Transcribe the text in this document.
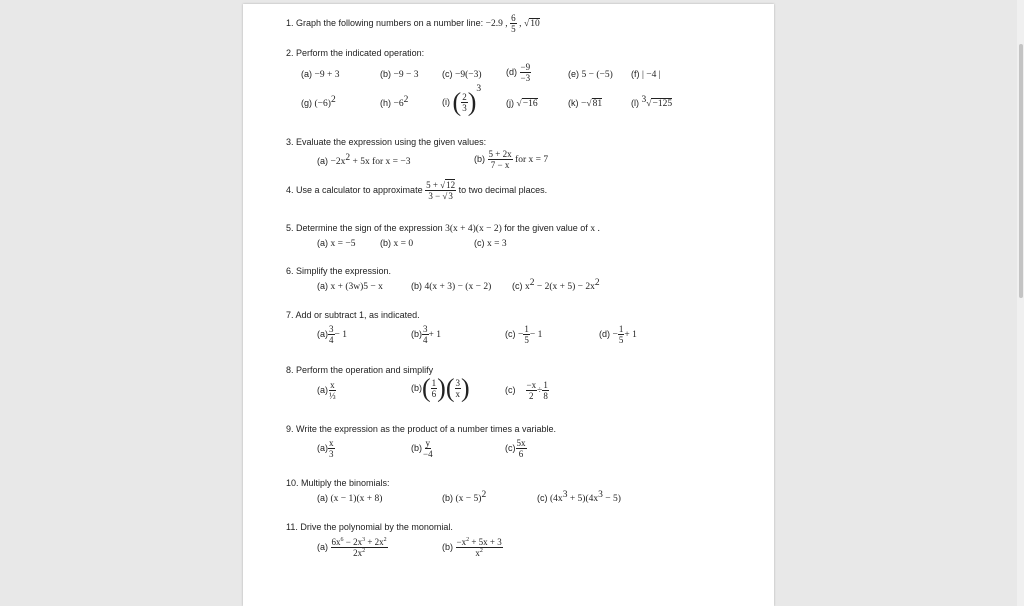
1. Graph the following numbers on a number line: −2.9 , $\frac{6}{5}$ , √10
2. Perform the indicated operation:
(a) −9 + 3	(b) −9 − 3	(c) −9(−3)	$(d) \frac{-9}{-3}$	(e) 5 − (−5) (f) | −4 |
(g) $(-6)^2$	$(h) -6^2$	(i) ( $\frac{2}{3} )^3$
(j) √−16	(k) −√81	(l) $^3$√−125
3. Evaluate the expression using the given values:
$(a) -2x^2 + 5x$ for x = −3	$(b) \frac{5 + 2x}{7 - x}$ for x = 7
4. Use a calculator to approximate $\frac{5 + √12}{3 - √3}$ to two decimal places.
5. Determine the sign of the expression 3(x + 4)(x − 2) for the given value of x .
(a) x = −5	(b) x = 0	(c) x = 3
6. Simplify the expression.
(a) x + (3w)5 − x	(b) 4(x + 3) − (x − 2) (c) $x^2 - 2(x + 5) - 2x^2$
7. Add or subtract 1, as indicated.
$(a) \frac{3}{4} - 1$	$(b) \frac{3}{4} + 1$	$(c) - \frac{1}{5} - 1$	$(d) - \frac{1}{5} + 1$
8. Perform the operation and simplify
$(a) \frac{x}{\text{⅓}}$	$(b)( \frac{1}{6}$ )( $\frac{3}{x}$ )	$(c) \frac{-x}{2} \div \frac{1}{8}$
9. Write the expression as the product of a number times a variable.
$(a) \frac{x}{3}$	$(b) \frac{y}{-4}$	$(c) \frac{5x}{6}$
10. Multiply the binomials:
(a) (x − 1)(x + 8)	(b) $(x - 5)^2$	(c) $(4x^3 + 5)(4x^3 - 5)$
11. Drive the polynomial by the monomial.
$(a) \frac{6x^6 - 2x^3 + 2x^2}{2x^2}$	$(b) \frac{-x^2 + 5x + 3}{x^2}$
